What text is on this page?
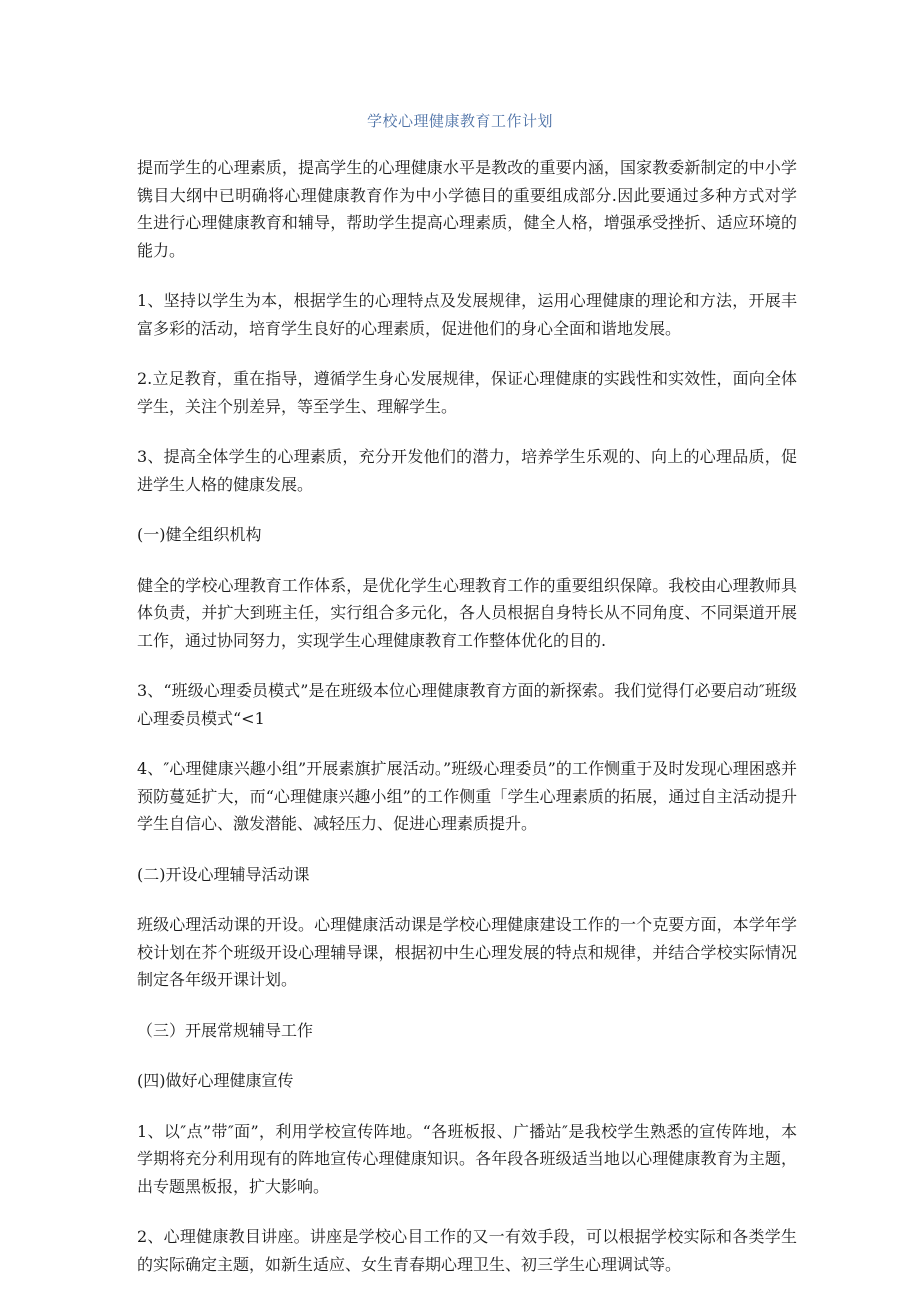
学校心理健康教育工作计划

提而学生的心理素质，提高学生的心理健康水平是教改的重要内涵，国家教委新制定的中小学镌目大纲中已明确将心理健康教育作为中小学德目的重要组成部分.因此要通过多种方式对学生进行心理健康教育和辅导，帮助学生提高心理素质，健全人格，增强承受挫折、适应环境的能力。

1、坚持以学生为本，根据学生的心理特点及发展规律，运用心理健康的理论和方法，开展丰富多彩的活动，培育学生良好的心理素质，促进他们的身心全面和谐地发展。

2.立足教育，重在指导，遵循学生身心发展规律，保证心理健康的实践性和实效性，面向全体学生，关注个别差异，等至学生、理解学生。

3、提高全体学生的心理素质，充分开发他们的潜力，培养学生乐观的、向上的心理品质，促进学生人格的健康发展。

(一)健全组织机构

健全的学校心理教育工作体系，是优化学生心理教育工作的重要组织保障。我校由心理教师具体负责，并扩大到班主任，实行组合多元化，各人员根据自身特长从不同角度、不同渠道开展工作，通过协同努力，实现学生心理健康教育工作整体优化的目的.

3、“班级心理委员模式”是在班级本位心理健康教育方面的新探索。我们觉得仃必要启动″班级心理委员模式“<1

4、″心理健康兴趣小组”开展素旗扩展活动。”班级心理委员”的工作恻重于及时发现心理困惑并预防蔓延扩大，而“心理健康兴趣小组”的工作侧重「学生心理素质的拓展，通过自主活动提升学生自信心、激发潜能、减轻压力、促进心理素质提升。

(二)开设心理辅导活动课

班级心理活动课的开设。心理健康活动课是学校心理健康建设工作的一个克要方面，本学年学校计划在芥个班级开设心理辅导课，根据初中生心理发展的特点和规律，并结合学校实际情况制定各年级开课计划。

（三）开展常规辅导工作

(四)做好心理健康宣传

1、以″点”带″面”，利用学校宣传阵地。“各班板报、广播站″是我校学生熟悉的宣传阵地，本学期将充分利用现有的阵地宣传心理健康知识。各年段各班级适当地以心理健康教育为主题，出专题黑板报，扩大影响。

2、心理健康教目讲座。讲座是学校心目工作的又一有效手段，可以根据学校实际和各类学生的实际确定主题，如新生适应、女生青春期心理卫生、初三学生心理调试等。
